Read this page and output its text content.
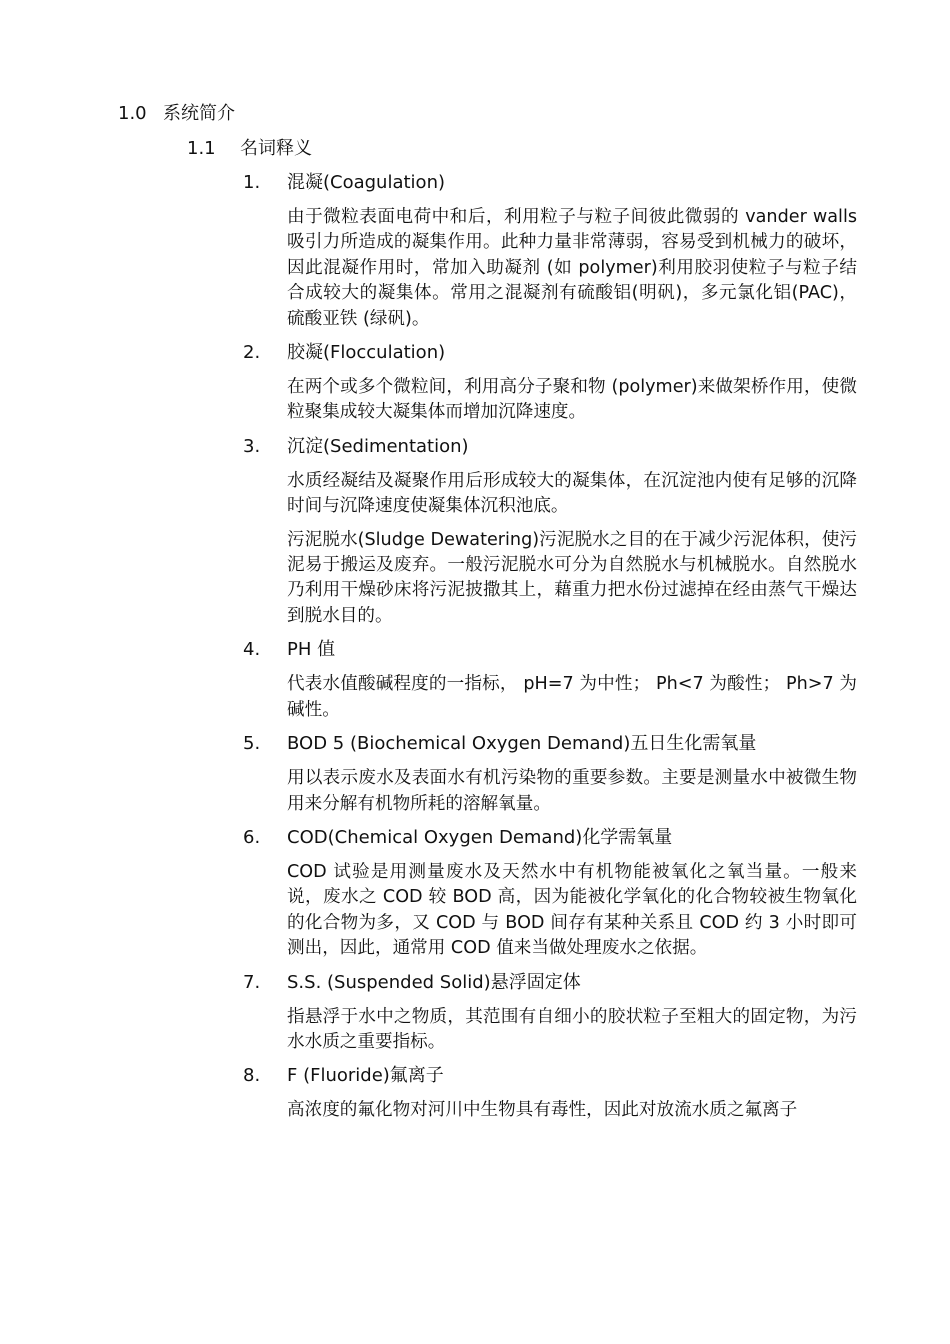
1.0 系统简介
1.1 名词释义

1. 混凝(Coagulation)

由于微粒表面电荷中和后，利用粒子与粒子间彼此微弱的 vander walls 吸引力所造成的凝集作用。此种力量非常薄弱，容易受到机械力的破坏，因此混凝作用时，常加入助凝剂 (如 polymer)利用胶羽使粒子与粒子结合成较大的凝集体。常用之混凝剂有硫酸铝(明矾)，多元氯化铝(PAC)，硫酸亚铁 (绿矾)。

2. 胶凝(Flocculation)

在两个或多个微粒间，利用高分子聚和物 (polymer)来做架桥作用，使微粒聚集成较大凝集体而增加沉降速度。

3. 沉淀(Sedimentation)

水质经凝结及凝聚作用后形成较大的凝集体，在沉淀池内使有足够的沉降时间与沉降速度使凝集体沉积池底。

污泥脱水(Sludge Dewatering)污泥脱水之目的在于减少污泥体积，使污泥易于搬运及废弃。一般污泥脱水可分为自然脱水与机械脱水。自然脱水乃利用干燥砂床将污泥披撒其上，藉重力把水份过滤掉在经由蒸气干燥达到脱水目的。

4. PH 值

代表水值酸碱程度的一指标， pH=7 为中性； Ph<7 为酸性； Ph>7 为碱性。

5. BOD 5 (Biochemical Oxygen Demand)五日生化需氧量

用以表示废水及表面水有机污染物的重要参数。主要是测量水中被微生物用来分解有机物所耗的溶解氧量。

6. COD(Chemical Oxygen Demand)化学需氧量

COD 试验是用测量废水及天然水中有机物能被氧化之氧当量。一般来说，废水之 COD 较 BOD 高，因为能被化学氧化的化合物较被生物氧化的化合物为多，又 COD 与 BOD 间存有某种关系且 COD 约 3 小时即可测出，因此，通常用 COD 值来当做处理废水之依据。

7. S.S. (Suspended Solid)悬浮固定体

指悬浮于水中之物质，其范围有自细小的胶状粒子至粗大的固定物，为污水水质之重要指标。

8. F (Fluoride)氟离子

高浓度的氟化物对河川中生物具有毒性，因此对放流水质之氟离子
